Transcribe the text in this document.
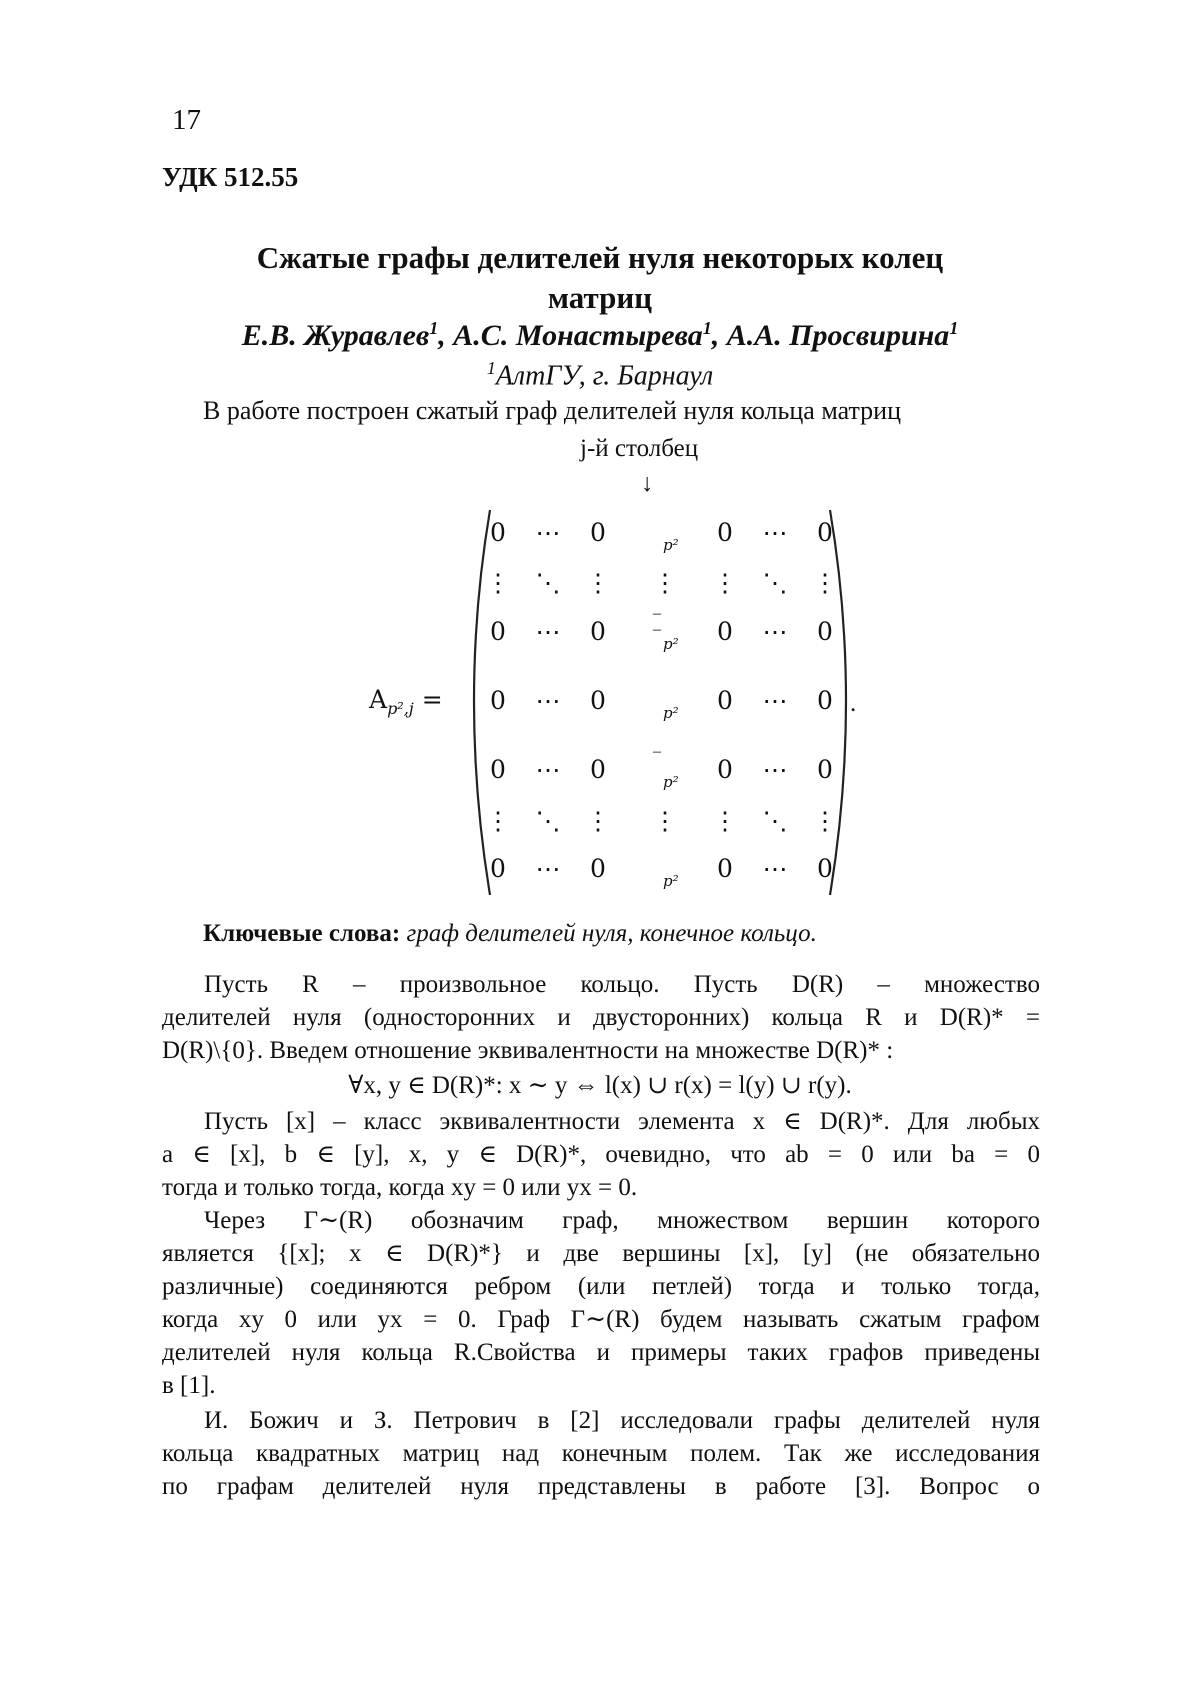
17
УДК 512.55
Сжатые графы делителей нуля некоторых колец
матриц
Е.В. Журавлев1, А.С. Монастырева1, А.А. Просвирина1
1АлтГУ, г. Барнаул
В работе построен сжатый граф делителей нуля кольца матриц
j-й столбец
↓
Ap²,j =
0	⋯	0	p²	0	⋯	0
⋮	⋱	⋮	⋮	⋮	⋱	⋮
0	⋯	0	p²	0	⋯	0
‒
‒
0	⋯	0	p²	0	⋯	0
0	⋯	0	p²	0	⋯	0
‒
⋮	⋱	⋮	⋮	⋮	⋱	⋮
0	⋯	0	p²	0	⋯	0
.
Ключевые слова: граф делителей нуля, конечное кольцо.
Пусть R – произвольное кольцо. Пусть D(R) – множество
делителей нуля (односторонних и двусторонних) кольца R и D(R)* =
D(R)\{0}. Введем отношение эквивалентности на множестве D(R)* :
∀x, y ∈ D(R)*: x ∼ y ⇔ l(x) ∪ r(x) = l(y) ∪ r(y).
Пусть [x] – класс эквивалентности элемента x ∈ D(R)*. Для любых
a ∈ [x], b ∈ [y], x, y ∈ D(R)*, очевидно, что ab = 0 или ba = 0
тогда и только тогда, когда xy = 0 или yx = 0.
Через Γ∼(R) обозначим граф, множеством вершин которого
является {[x]; x ∈ D(R)*} и две вершины [x], [y] (не обязательно
различные) соединяются ребром (или петлей) тогда и только тогда,
когда xy 0 или yx = 0. Граф Γ∼(R) будем называть сжатым графом
делителей нуля кольца R.Свойства и примеры таких графов приведены
в [1].
И. Божич и З. Петрович в [2] исследовали графы делителей нуля
кольца квадратных матриц над конечным полем. Так же исследования
по графам делителей нуля представлены в работе [3]. Вопрос о
